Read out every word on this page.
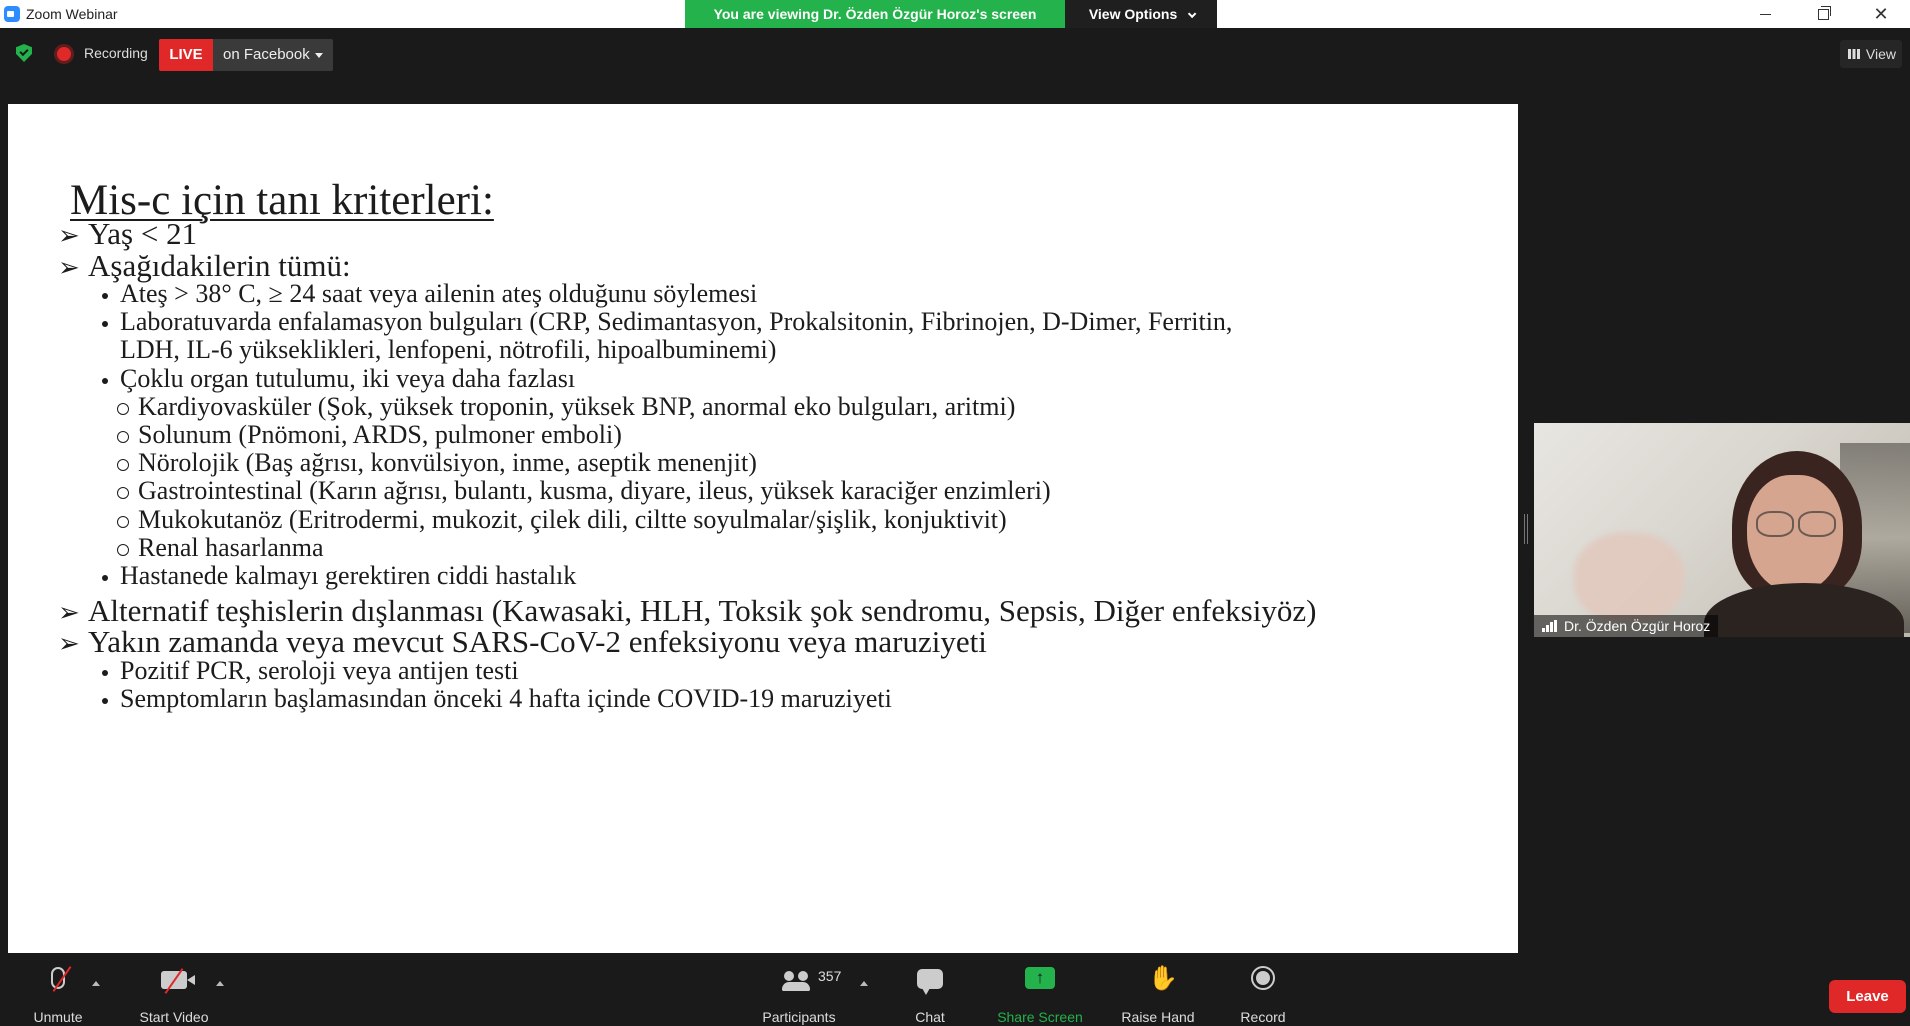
Zoom Webinar	You are viewing Dr. Özden Özgür Horoz's screen	View Options	✕
Recording	LIVE	on Facebook	View
Mis-c için tanı kriterleri:
➢ Yaş < 21
➢ Aşağıdakilerin tümü:
Ateş > 38° C, ≥ 24 saat veya ailenin ateş olduğunu söylemesi
Laboratuvarda enfalamasyon bulguları (CRP, Sedimantasyon, Prokalsitonin, Fibrinojen, D-Dimer, Ferritin,
LDH, IL-6 yükseklikleri, lenfopeni, nötrofili, hipoalbuminemi)
Çoklu organ tutulumu, iki veya daha fazlası
Kardiyovasküler (Şok, yüksek troponin, yüksek BNP, anormal eko bulguları, aritmi)
Solunum (Pnömoni, ARDS, pulmoner emboli)
Nörolojik (Baş ağrısı, konvülsiyon, inme, aseptik menenjit)
Gastrointestinal (Karın ağrısı, bulantı, kusma, diyare, ileus, yüksek karaciğer enzimleri)
Mukokutanöz (Eritrodermi, mukozit, çilek dili, ciltte soyulmalar/şişlik, konjuktivit)
Renal hasarlanma
Hastanede kalmayı gerektiren ciddi hastalık
➢ Alternatif teşhislerin dışlanması (Kawasaki, HLH, Toksik şok sendromu, Sepsis, Diğer enfeksiyöz)
➢ Yakın zamanda veya mevcut SARS-CoV-2 enfeksiyonu veya maruziyeti
Pozitif PCR, seroloji veya antijen testi
Semptomların başlamasından önceki 4 hafta içinde COVID-19 maruziyeti
Dr. Özden Özgür Horoz
Unmute	Start Video
357
Participants	Chat
↑	Share Screen
✋
Raise Hand	Record
Leave
